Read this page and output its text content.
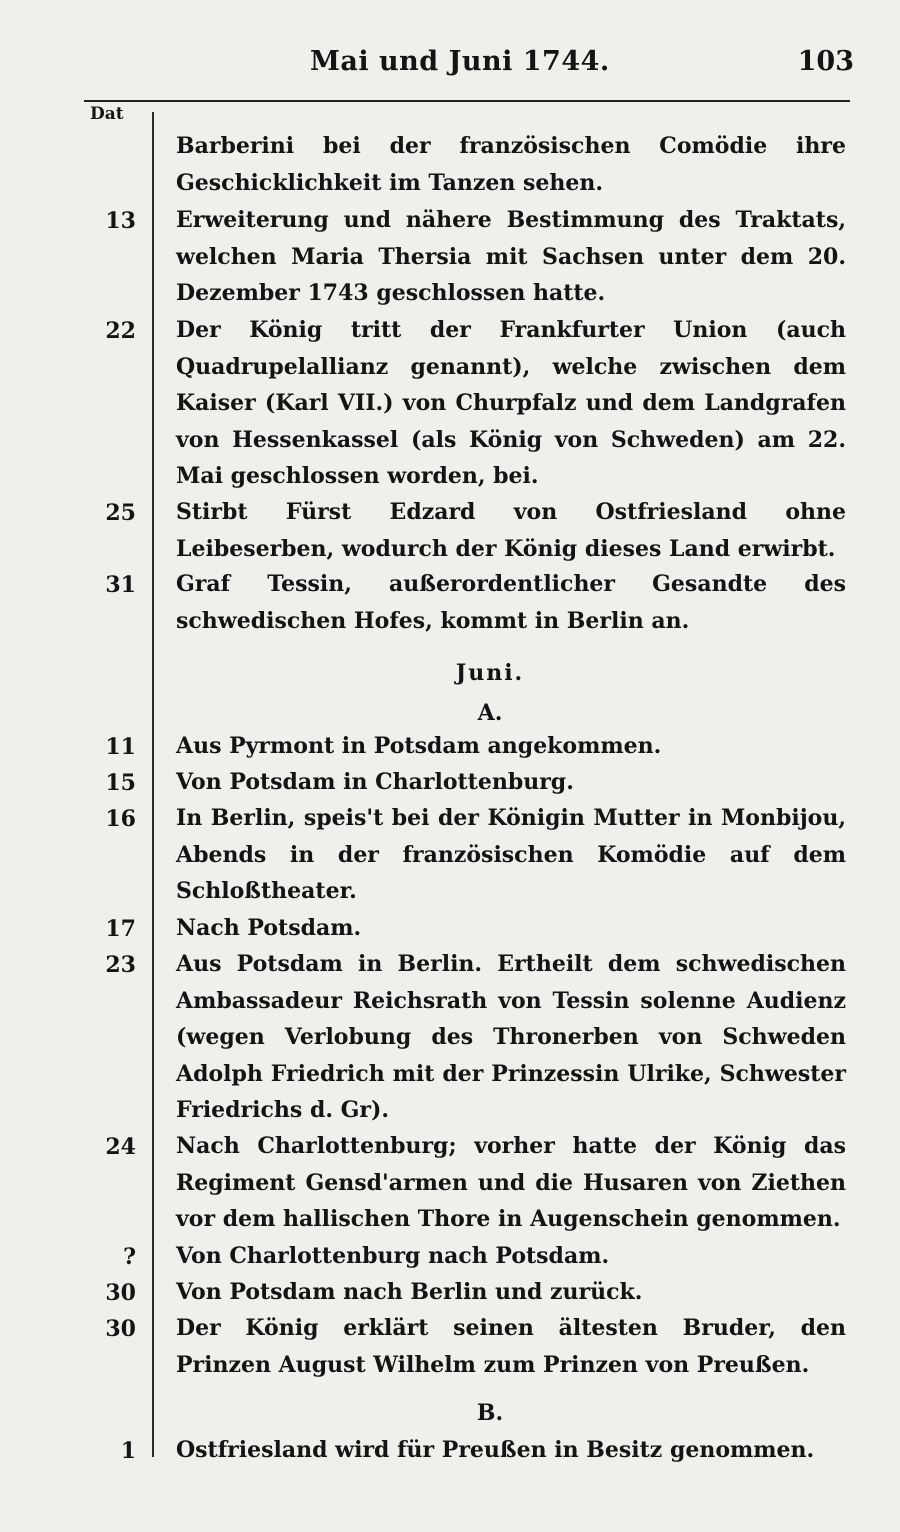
Mai und Juni 1744.	103
Dat
Barberini bei der französischen Comödie ihre Geschicklichkeit im Tanzen sehen.
13 Erweiterung und nähere Bestimmung des Traktats, welchen Maria Thersia mit Sachsen unter dem 20. Dezember 1743 geschlossen hatte.
22 Der König tritt der Frankfurter Union (auch Quadrupelallianz genannt), welche zwischen dem Kaiser (Karl VII.) von Churpfalz und dem Landgrafen von Hessenkassel (als König von Schweden) am 22. Mai geschlossen worden, bei.
25 Stirbt Fürst Edzard von Ostfriesland ohne Leibeserben, wodurch der König dieses Land erwirbt.
31 Graf Tessin, außerordentlicher Gesandte des schwedischen Hofes, kommt in Berlin an.
Juni.
A.
11 Aus Pyrmont in Potsdam angekommen.
15 Von Potsdam in Charlottenburg.
16 In Berlin, speis't bei der Königin Mutter in Monbijou, Abends in der französischen Komödie auf dem Schloßtheater.
17 Nach Potsdam.
23 Aus Potsdam in Berlin. Ertheilt dem schwedischen Ambassadeur Reichsrath von Tessin solenne Audienz (wegen Verlobung des Thronerben von Schweden Adolph Friedrich mit der Prinzessin Ulrike, Schwester Friedrichs d. Gr).
24 Nach Charlottenburg; vorher hatte der König das Regiment Gensd'armen und die Husaren von Ziethen vor dem hallischen Thore in Augenschein genommen.
? Von Charlottenburg nach Potsdam.
30 Von Potsdam nach Berlin und zurück.
30 Der König erklärt seinen ältesten Bruder, den Prinzen August Wilhelm zum Prinzen von Preußen.
B.
1 Ostfriesland wird für Preußen in Besitz genommen.
